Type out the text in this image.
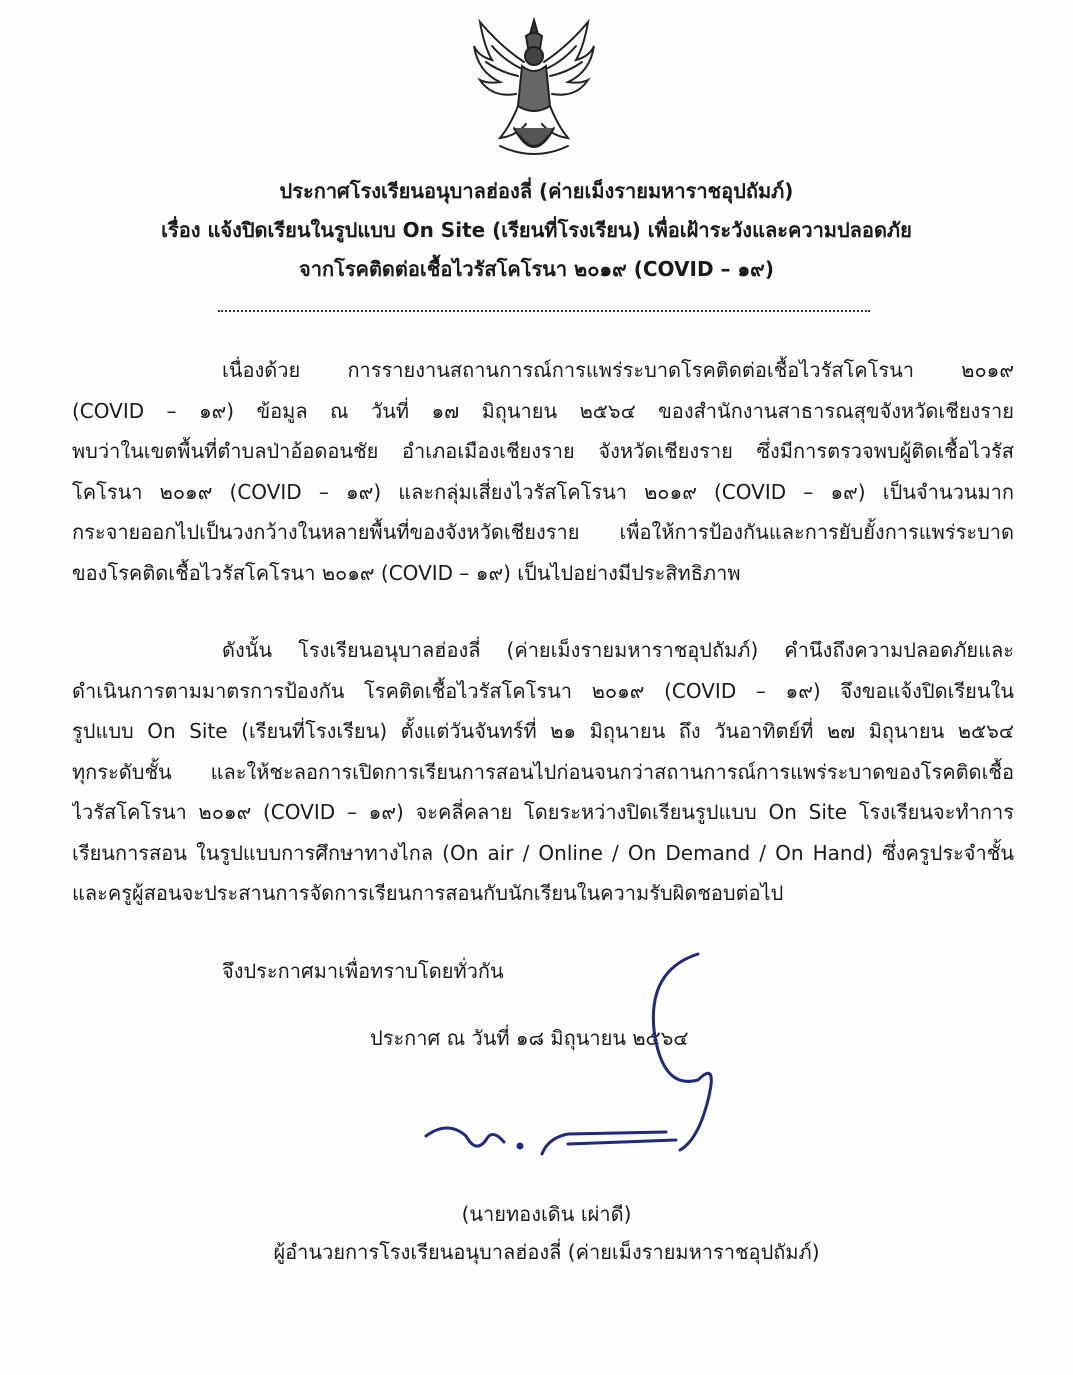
ประกาศโรงเรียนอนุบาลฮ่องลี่ (ค่ายเม็งรายมหาราชอุปถัมภ์)
เรื่อง แจ้งปิดเรียนในรูปแบบ On Site (เรียนที่โรงเรียน) เพื่อเฝ้าระวังและความปลอดภัย
จากโรคติดต่อเชื้อไวรัสโคโรนา ๒๐๑๙ (COVID – ๑๙)
เนื่องด้วย การรายงานสถานการณ์การแพร่ระบาดโรคติดต่อเชื้อไวรัสโคโรนา ๒๐๑๙
(COVID – ๑๙) ข้อมูล ณ วันที่ ๑๗ มิถุนายน ๒๕๖๔ ของสำนักงานสาธารณสุขจังหวัดเชียงราย
พบว่าในเขตพื้นที่ตำบลป่าอ้อดอนชัย อำเภอเมืองเชียงราย จังหวัดเชียงราย ซึ่งมีการตรวจพบผู้ติดเชื้อไวรัส
โคโรนา ๒๐๑๙ (COVID – ๑๙) และกลุ่มเสี่ยงไวรัสโคโรนา ๒๐๑๙ (COVID – ๑๙) เป็นจำนวนมาก
กระจายออกไปเป็นวงกว้างในหลายพื้นที่ของจังหวัดเชียงราย เพื่อให้การป้องกันและการยับยั้งการแพร่ระบาด
ของโรคติดเชื้อไวรัสโคโรนา ๒๐๑๙ (COVID – ๑๙) เป็นไปอย่างมีประสิทธิภาพ
ดังนั้น โรงเรียนอนุบาลฮ่องลี่ (ค่ายเม็งรายมหาราชอุปถัมภ์) คำนึงถึงความปลอดภัยและ
ดำเนินการตามมาตรการป้องกัน โรคติดเชื้อไวรัสโคโรนา ๒๐๑๙ (COVID – ๑๙) จึงขอแจ้งปิดเรียนใน
รูปแบบ On Site (เรียนที่โรงเรียน) ตั้งแต่วันจันทร์ที่ ๒๑ มิถุนายน ถึง วันอาทิตย์ที่ ๒๗ มิถุนายน ๒๕๖๔
ทุกระดับชั้น และให้ชะลอการเปิดการเรียนการสอนไปก่อนจนกว่าสถานการณ์การแพร่ระบาดของโรคติดเชื้อ
ไวรัสโคโรนา ๒๐๑๙ (COVID – ๑๙) จะคลี่คลาย โดยระหว่างปิดเรียนรูปแบบ On Site โรงเรียนจะทำการ
เรียนการสอน ในรูปแบบการศึกษาทางไกล (On air / Online / On Demand / On Hand) ซึ่งครูประจำชั้น
และครูผู้สอนจะประสานการจัดการเรียนการสอนกับนักเรียนในความรับผิดชอบต่อไป
จึงประกาศมาเพื่อทราบโดยทั่วกัน
ประกาศ ณ วันที่ ๑๘ มิถุนายน ๒๕๖๔
(นายทองเดิน เผ่าดี)
ผู้อำนวยการโรงเรียนอนุบาลฮ่องลี่ (ค่ายเม็งรายมหาราชอุปถัมภ์)
